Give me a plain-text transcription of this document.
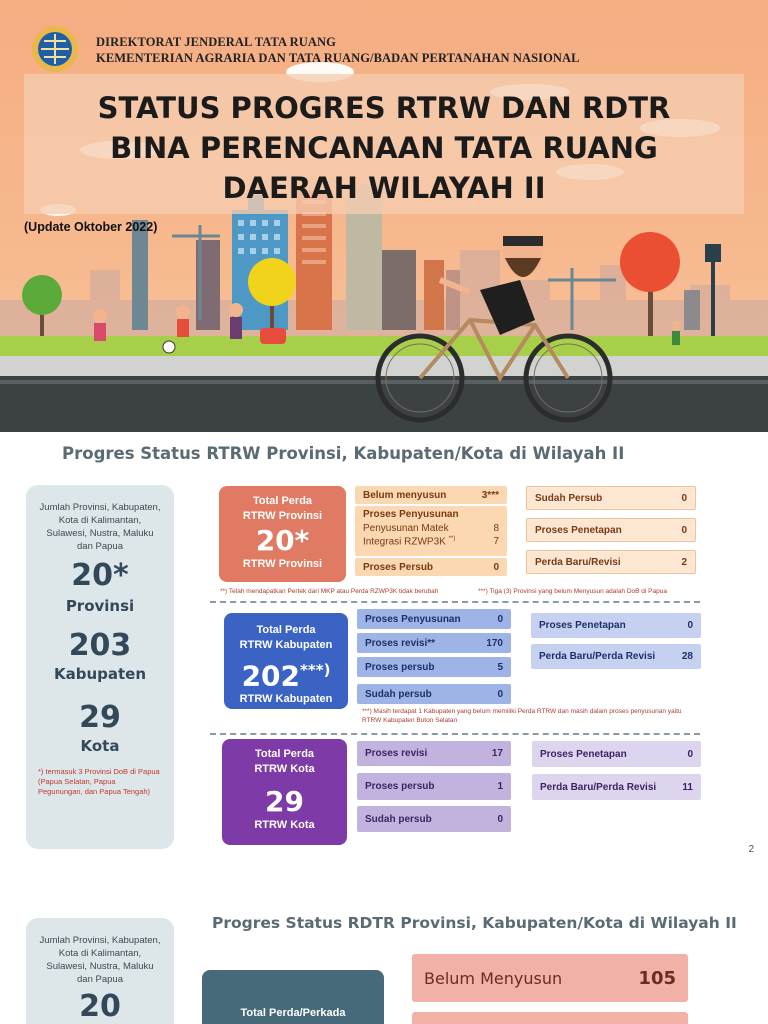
DIREKTORAT JENDERAL TATA RUANG
KEMENTERIAN AGRARIA DAN TATA RUANG/BADAN PERTANAHAN NASIONAL
STATUS PROGRES RTRW DAN RDTR
BINA PERENCANAAN TATA RUANG
DAERAH WILAYAH II
(Update Oktober 2022)
Progres Status RTRW Provinsi, Kabupaten/Kota di Wilayah II
Jumlah Provinsi, Kabupaten, Kota di Kalimantan, Sulawesi, Nustra, Maluku dan Papua
20*
Provinsi
203
Kabupaten
29
Kota
*) termasuk 3 Provinsi DoB di Papua (Papua Selatan, Papua Pegunungan, dan Papua Tengah)
Total Perda
RTRW Provinsi
20*
RTRW Provinsi
Belum menyusun	3***
Proses Penyusunan
Penyusunan Matek	8
Integrasi RZWP3K **)	7
Proses Persub	0
Sudah Persub	0
Proses Penetapan	0
Perda Baru/Revisi	2
**) Telah mendapatkan Pertek dari MKP atau Perda RZWP3K tidak berubah	***) Tiga (3) Provinsi yang belum Menyusun adalah DoB di Papua
Total Perda
RTRW Kabupaten
202***)
RTRW Kabupaten
Proses Penyusunan	0
Proses revisi**	170
Proses persub	5
Sudah persub	0
Proses Penetapan	0
Perda Baru/Perda Revisi	28
***) Masih terdapat 1 Kabupaten yang belum memiliki Perda RTRW dan masih dalam proses penyusunan yaitu RTRW Kabupaten Buton Selatan
Total Perda
RTRW Kota
29
RTRW Kota
Proses revisi	17
Proses persub	1
Sudah persub	0
Proses Penetapan	0
Perda Baru/Perda Revisi	11
2
Progres Status RDTR Provinsi, Kabupaten/Kota di Wilayah II
Jumlah Provinsi, Kabupaten, Kota di Kalimantan, Sulawesi, Nustra, Maluku dan Papua
20	Total Perda/Perkada
Belum Menyusun	105
